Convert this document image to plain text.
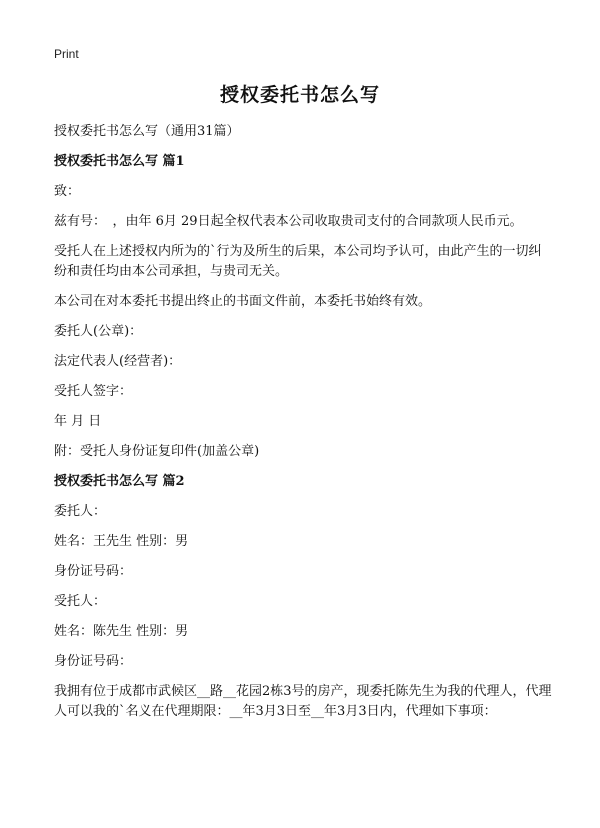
Print
授权委托书怎么写
授权委托书怎么写（通用31篇）
授权委托书怎么写 篇1
致：
兹有号：　，由年 6月 29日起全权代表本公司收取贵司支付的合同款项人民币元。
受托人在上述授权内所为的`行为及所生的后果，本公司均予认可，由此产生的一切纠纷和责任均由本公司承担，与贵司无关。
本公司在对本委托书提出终止的书面文件前，本委托书始终有效。
委托人(公章)：
法定代表人(经营者)：
受托人签字：
年 月 日
附：受托人身份证复印件(加盖公章)
授权委托书怎么写 篇2
委托人：
姓名：王先生 性别：男
身份证号码：
受托人：
姓名：陈先生 性别：男
身份证号码：
我拥有位于成都市武候区__路__花园2栋3号的房产，现委托陈先生为我的代理人，代理人可以我的`名义在代理期限：__年3月3日至__年3月3日内，代理如下事项：
